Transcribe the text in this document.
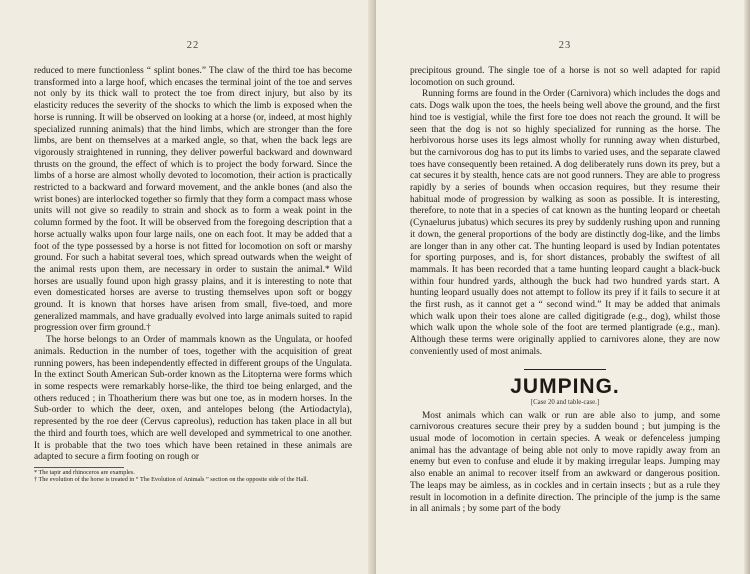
22

reduced to mere functionless “ splint bones.” The claw of the third toe has become transformed into a large hoof, which encases the terminal joint of the toe and serves not only by its thick wall to protect the toe from direct injury, but also by its elasticity reduces the severity of the shocks to which the limb is exposed when the horse is running. It will be observed on looking at a horse (or, indeed, at most highly specialized running animals) that the hind limbs, which are stronger than the fore limbs, are bent on themselves at a marked angle, so that, when the back legs are vigorously straightened in running, they deliver powerful backward and downward thrusts on the ground, the effect of which is to project the body forward. Since the limbs of a horse are almost wholly devoted to locomotion, their action is practically restricted to a backward and forward movement, and the ankle bones (and also the wrist bones) are interlocked together so firmly that they form a compact mass whose units will not give so readily to strain and shock as to form a weak point in the column formed by the foot. It will be observed from the foregoing description that a horse actually walks upon four large nails, one on each foot. It may be added that a foot of the type possessed by a horse is not fitted for locomotion on soft or marshy ground. For such a habitat several toes, which spread outwards when the weight of the animal rests upon them, are necessary in order to sustain the animal.* Wild horses are usually found upon high grassy plains, and it is interesting to note that even domesticated horses are averse to trusting themselves upon soft or boggy ground. It is known that horses have arisen from small, five-toed, and more generalized mammals, and have gradually evolved into large animals suited to rapid progression over firm ground.†

The horse belongs to an Order of mammals known as the Ungulata, or hoofed animals. Reduction in the number of toes, together with the acquisition of great running powers, has been independently effected in different groups of the Ungulata. In the extinct South American Sub-order known as the Litopterna were forms which in some respects were remarkably horse-like, the third toe being enlarged, and the others reduced ; in Thoatherium there was but one toe, as in modern horses. In the Sub-order to which the deer, oxen, and antelopes belong (the Artiodactyla), represented by the roe deer (Cervus capreolus), reduction has taken place in all but the third and fourth toes, which are well developed and symmetrical to one another. It is probable that the two toes which have been retained in these animals are adapted to secure a firm footing on rough or

* The tapir and rhinoceros are examples.

† The evolution of the horse is treated in “ The Evolution of Animals ” section on the opposite side of the Hall.

23

precipitous ground. The single toe of a horse is not so well adapted for rapid locomotion on such ground.

Running forms are found in the Order (Carnivora) which includes the dogs and cats. Dogs walk upon the toes, the heels being well above the ground, and the first hind toe is vestigial, while the first fore toe does not reach the ground. It will be seen that the dog is not so highly specialized for running as the horse. The herbivorous horse uses its legs almost wholly for running away when disturbed, but the carnivorous dog has to put its limbs to varied uses, and the separate clawed toes have consequently been retained. A dog deliberately runs down its prey, but a cat secures it by stealth, hence cats are not good runners. They are able to progress rapidly by a series of bounds when occasion requires, but they resume their habitual mode of progression by walking as soon as possible. It is interesting, therefore, to note that in a species of cat known as the hunting leopard or cheetah (Cynaelurus jubatus) which secures its prey by suddenly rushing upon and running it down, the general proportions of the body are distinctly dog-like, and the limbs are longer than in any other cat. The hunting leopard is used by Indian potentates for sporting purposes, and is, for short distances, probably the swiftest of all mammals. It has been recorded that a tame hunting leopard caught a black-buck within four hundred yards, although the buck had two hundred yards start. A hunting leopard usually does not attempt to follow its prey if it fails to secure it at the first rush, as it cannot get a “ second wind.” It may be added that animals which walk upon their toes alone are called digitigrade (e.g., dog), whilst those which walk upon the whole sole of the foot are termed plantigrade (e.g., man). Although these terms were originally applied to carnivores alone, they are now conveniently used of most animals.

JUMPING.
[Case 20 and table-case.]

Most animals which can walk or run are able also to jump, and some carnivorous creatures secure their prey by a sudden bound ; but jumping is the usual mode of locomotion in certain species. A weak or defenceless jumping animal has the advantage of being able not only to move rapidly away from an enemy but even to confuse and elude it by making irregular leaps. Jumping may also enable an animal to recover itself from an awkward or dangerous position. The leaps may be aimless, as in cockles and in certain insects ; but as a rule they result in locomotion in a definite direction. The principle of the jump is the same in all animals ; by some part of the body
